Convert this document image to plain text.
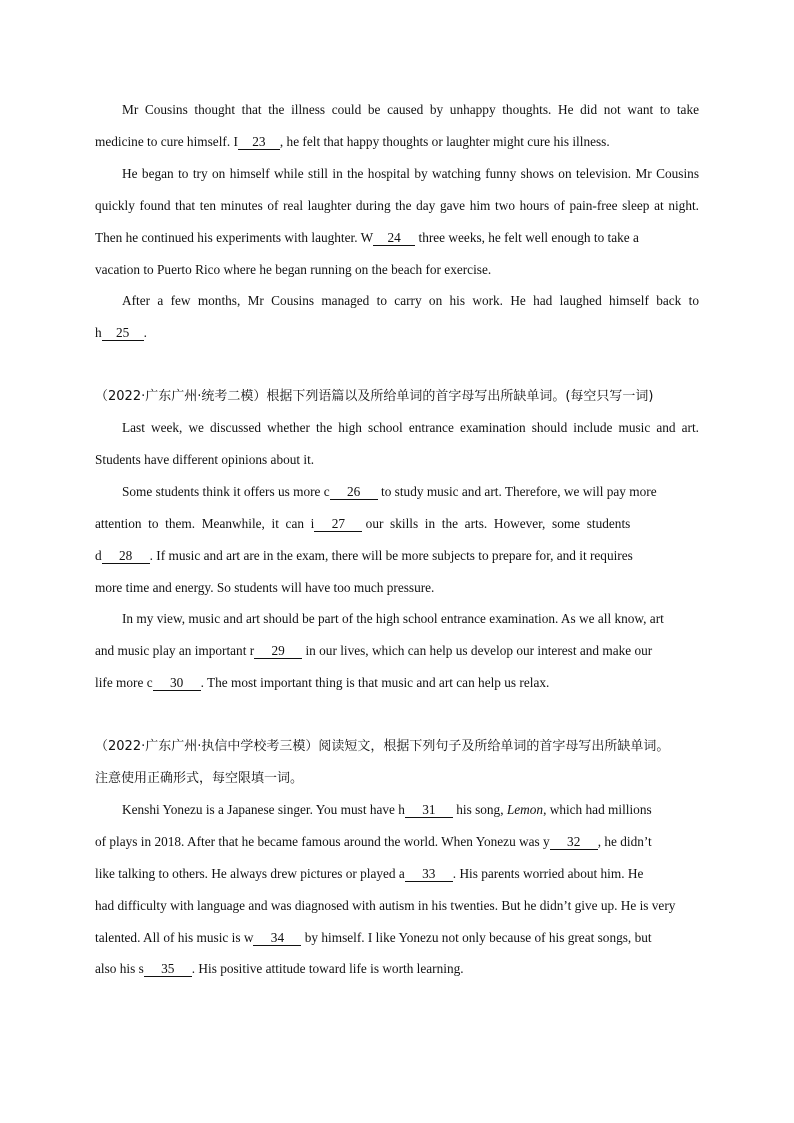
Mr Cousins thought that the illness could be caused by unhappy thoughts. He did not want to take
medicine to cure himself. I 23 , he felt that happy thoughts or laughter might cure his illness.
He began to try on himself while still in the hospital by watching funny shows on television. Mr Cousins
quickly found that ten minutes of real laughter during the day gave him two hours of pain-free sleep at night.
Then he continued his experiments with laughter. W 24 three weeks, he felt well enough to take a
vacation to Puerto Rico where he began running on the beach for exercise.
After a few months, Mr Cousins managed to carry on his work. He had laughed himself back to
h 25 .
（2022·广东广州·统考二模）根据下列语篇以及所给单词的首字母写出所缺单词。(每空只写一词)
Last week, we discussed whether the high school entrance examination should include music and art.
Students have different opinions about it.
Some students think it offers us more c 26 to study music and art. Therefore, we will pay more
attention  to  them.  Meanwhile,  it  can  i 27 our  skills  in  the  arts.  However,  some  students
d 28 . If music and art are in the exam, there will be more subjects to prepare for, and it requires
more time and energy. So students will have too much pressure.
In my view, music and art should be part of the high school entrance examination. As we all know, art
and music play an important r 29 in our lives, which can help us develop our interest and make our
life more c 30 . The most important thing is that music and art can help us relax.
（2022·广东广州·执信中学校考三模）阅读短文，根据下列句子及所给单词的首字母写出所缺单词。
注意使用正确形式，每空限填一词。
Kenshi Yonezu is a Japanese singer. You must have h 31 his song, Lemon, which had millions
of plays in 2018. After that he became famous around the world. When Yonezu was y 32 , he didn’t
like talking to others. He always drew pictures or played a 33 . His parents worried about him. He
had difficulty with language and was diagnosed with autism in his twenties. But he didn’t give up. He is very
talented. All of his music is w 34 by himself. I like Yonezu not only because of his great songs, but
also his s 35 . His positive attitude toward life is worth learning.
